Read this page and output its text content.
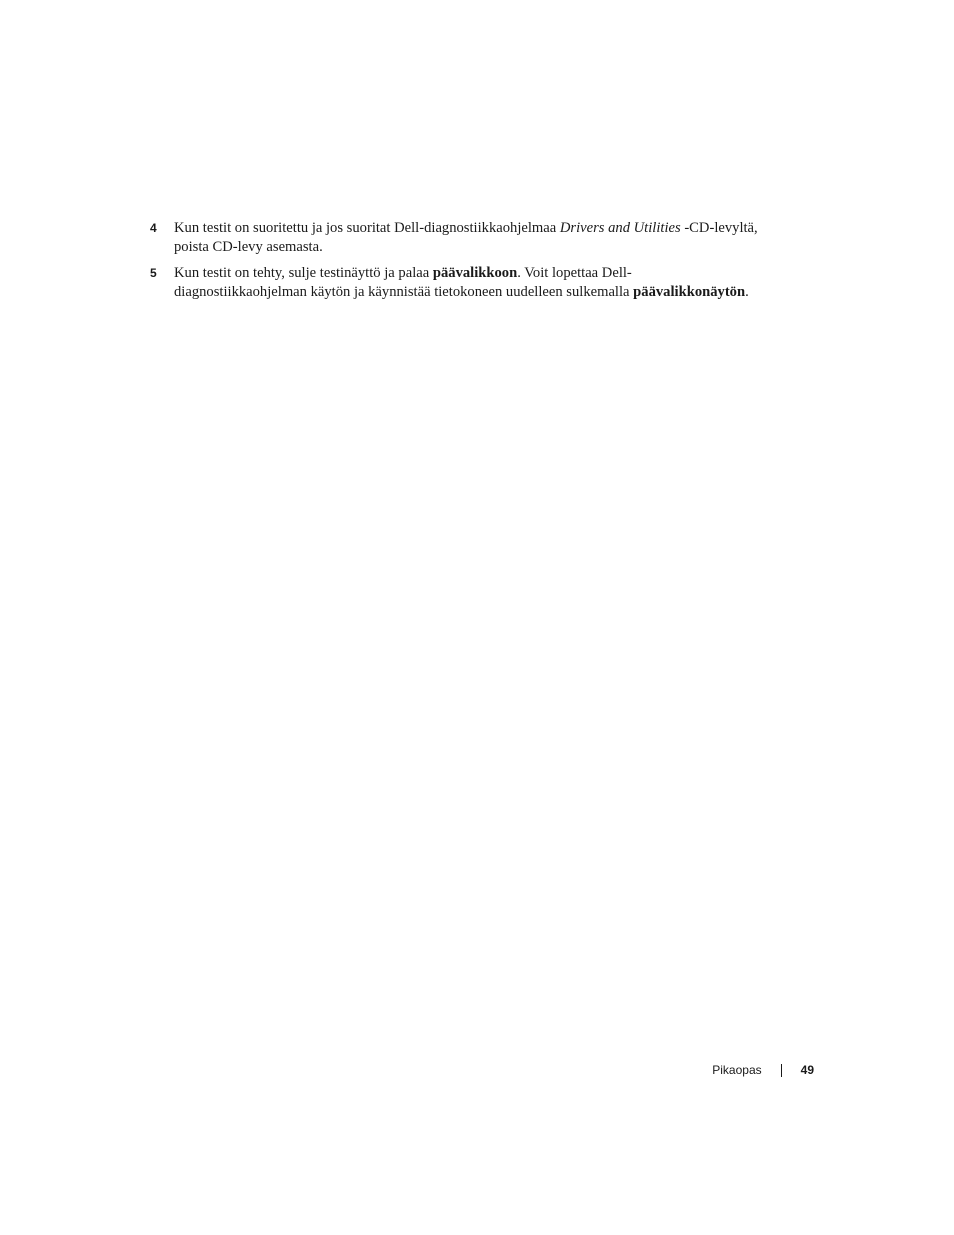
4 Kun testit on suoritettu ja jos suoritat Dell-diagnostiikkaohjelmaa Drivers and Utilities -CD-levyltä, poista CD-levy asemasta.
5 Kun testit on tehty, sulje testinäyttö ja palaa päävalikkoon. Voit lopettaa Dell-diagnostiikkaohjelman käytön ja käynnistää tietokoneen uudelleen sulkemalla päävalikkonäytön.
Pikaopas	49
